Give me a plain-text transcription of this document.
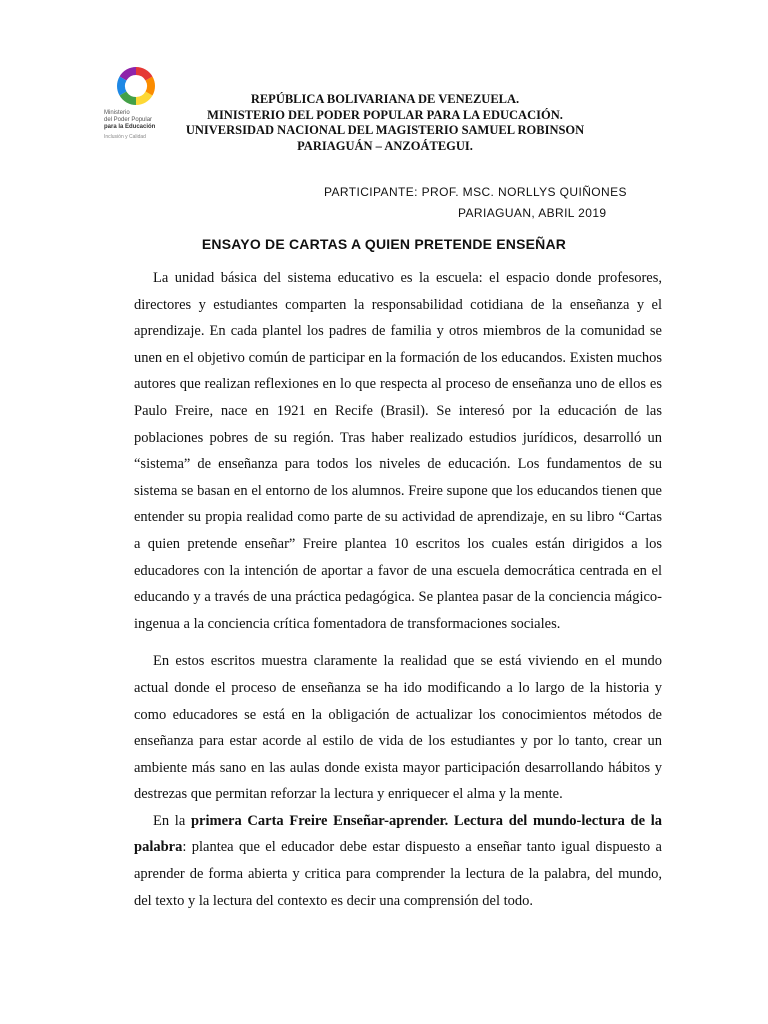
Ministerio
del Poder Popular
para la Educación
Inclusión y Calidad
REPÚBLICA BOLIVARIANA DE VENEZUELA.
MINISTERIO DEL PODER POPULAR PARA LA EDUCACIÓN.
UNIVERSIDAD NACIONAL DEL MAGISTERIO SAMUEL ROBINSON
PARIAGUÁN – ANZOÁTEGUI.
PARTICIPANTE: PROF. MSC. NORLLYS QUIÑONES
PARIAGUAN, ABRIL 2019
ENSAYO DE CARTAS A QUIEN PRETENDE ENSEÑAR

La unidad básica del sistema educativo es la escuela: el espacio donde profesores, directores y estudiantes comparten la responsabilidad cotidiana de la enseñanza y el aprendizaje. En cada plantel los padres de familia y otros miembros de la comunidad se unen en el objetivo común de participar en la formación de los educandos. Existen muchos autores que realizan reflexiones en lo que respecta al proceso de enseñanza uno de ellos es Paulo Freire, nace en 1921 en Recife (Brasil). Se interesó por la educación de las poblaciones pobres de su región. Tras haber realizado estudios jurídicos, desarrolló un “sistema” de enseñanza para todos los niveles de educación. Los fundamentos de su sistema se basan en el entorno de los alumnos. Freire supone que los educandos tienen que entender su propia realidad como parte de su actividad de aprendizaje, en su libro “Cartas a quien pretende enseñar” Freire plantea 10 escritos los cuales están dirigidos a los educadores con la intención de aportar a favor de una escuela democrática centrada en el educando y a través de una práctica pedagógica. Se plantea pasar de la conciencia mágico-ingenua a la conciencia crítica fomentadora de transformaciones sociales.

En estos escritos muestra claramente la realidad que se está viviendo en el mundo actual donde el proceso de enseñanza se ha ido modificando a lo largo de la historia y como educadores se está en la obligación de actualizar los conocimientos métodos de enseñanza para estar acorde al estilo de vida de los estudiantes y por lo tanto, crear un ambiente más sano en las aulas donde exista mayor participación desarrollando hábitos y destrezas que permitan reforzar la lectura y enriquecer el alma y la mente.

En la primera Carta Freire Enseñar-aprender. Lectura del mundo-lectura de la palabra: plantea que el educador debe estar dispuesto a enseñar tanto igual dispuesto a aprender de forma abierta y critica para comprender la lectura de la palabra, del mundo, del texto y la lectura del contexto es decir una comprensión del todo.
